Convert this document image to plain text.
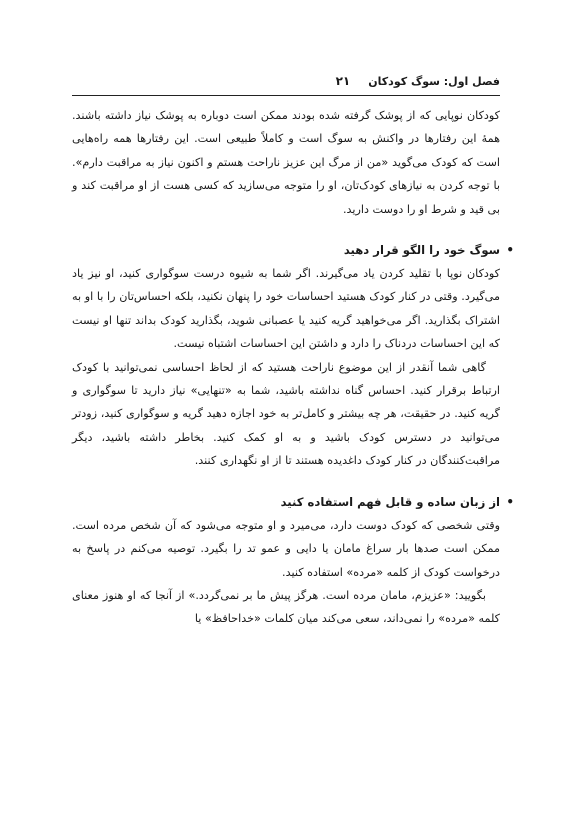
فصل اول: سوگ کودکان
۲۱

کودکان نوپایی که از پوشک گرفته شده بودند ممکن است دوباره به پوشک نیاز داشته باشند. همهٔ این رفتارها در واکنش به سوگ است و کاملاً طبیعی است. این رفتارها همه راه‌هایی است که کودک می‌گوید «من از مرگ این عزیز ناراحت هستم و اکنون نیاز به مراقبت دارم». با توجه کردن به نیازهای کودک‌تان، او را متوجه می‌سازید که کسی هست از او مراقبت کند و بی قید و شرط او را دوست دارید.

•
سوگ خود را الگو قرار دهید

کودکان نوپا با تقلید کردن یاد می‌گیرند. اگر شما به شیوه درست سوگواری کنید، او نیز یاد می‌گیرد. وقتی در کنار کودک هستید احساسات خود را پنهان نکنید، بلکه احساس‌تان را با او به اشتراک بگذارید. اگر می‌خواهید گریه کنید یا عصبانی شوید، بگذارید کودک بداند تنها او نیست که این احساسات دردناک را دارد و داشتن این احساسات اشتباه نیست.

گاهی شما آنقدر از این موضوع ناراحت هستید که از لحاظ احساسی نمی‌توانید با کودک ارتباط برقرار کنید. احساس گناه نداشته باشید، شما به «تنهایی» نیاز دارید تا سوگواری و گریه کنید. در حقیقت، هر چه بیشتر و کامل‌تر به خود اجازه دهید گریه و سوگواری کنید، زودتر می‌توانید در دسترس کودک باشید و به او کمک کنید. بخاطر داشته باشید، دیگر مراقبت‌کنندگان در کنار کودک داغدیده هستند تا از او نگهداری کنند.

•
از زبان ساده و قابل فهم استفاده کنید

وقتی شخصی که کودک دوست دارد، می‌میرد و او متوجه می‌شود که آن شخص مرده است. ممکن است صدها بار سراغ مامان یا دایی و عمو تد را بگیرد. توصیه می‌کنم در پاسخ به درخواست کودک از کلمه «مرده» استفاده کنید.

بگویید: «عزیزم، مامان مرده است. هرگز پیش ما بر نمی‌گردد.» از آنجا که او هنوز معنای کلمه «مرده» را نمی‌داند، سعی می‌کند میان کلمات «خداحافظ» یا
